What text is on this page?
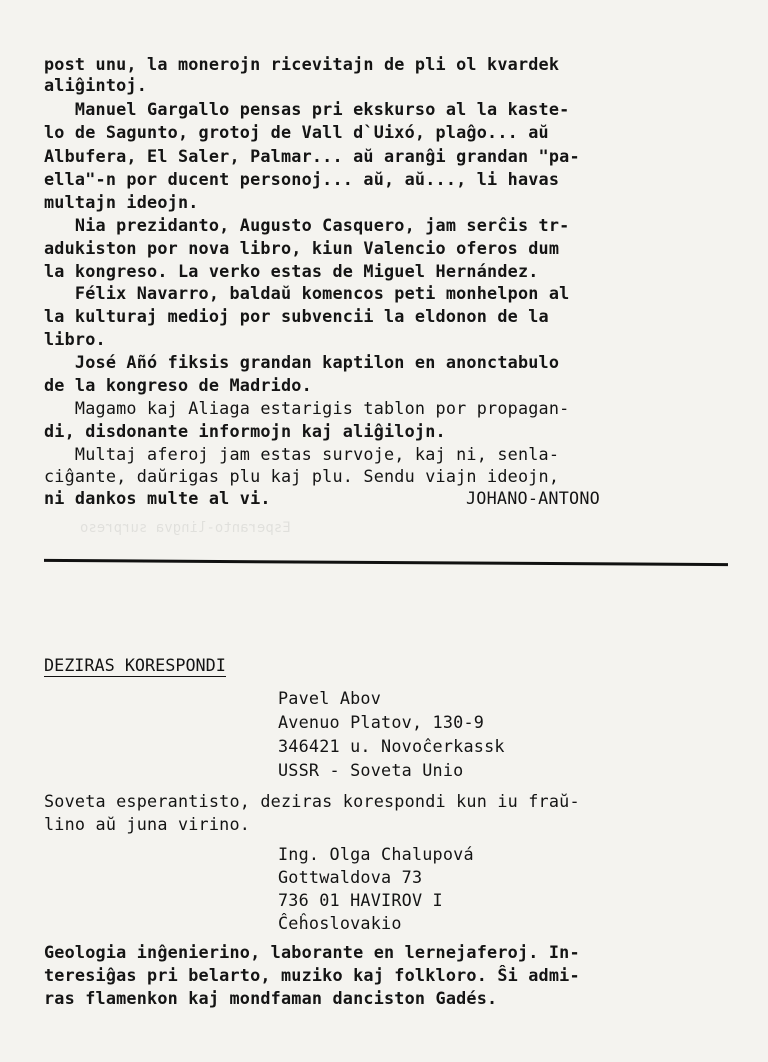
Esperanto-lingva surpreso
post unu, la monerojn ricevitajn de pli ol kvardek
aliĝintoj.
Manuel Gargallo pensas pri ekskurso al la kaste-
lo de Sagunto, grotoj de Vall d`Uixó, plaĝo... aŭ
Albufera, El Saler, Palmar... aŭ aranĝi grandan "pa-
ella"-n por ducent personoj... aŭ, aŭ..., li havas
multajn ideojn.
Nia prezidanto, Augusto Casquero, jam serĉis tr-
adukiston por nova libro, kiun Valencio oferos dum
la kongreso. La verko estas de Miguel Hernández.
Félix Navarro, baldaŭ komencos peti monhelpon al
la kulturaj medioj por subvencii la eldonon de la
libro.
José Añó fiksis grandan kaptilon en anonctabulo
de la kongreso de Madrido.
Magamo kaj Aliaga estarigis tablon por propagan-
di, disdonante informojn kaj aliĝilojn.
Multaj aferoj jam estas survoje, kaj ni, senla-
ciĝante, daŭrigas plu kaj plu. Sendu viajn ideojn,
ni dankos multe al vi.	JOHANO-ANTONO
DEZIRAS KORESPONDI
Pavel Abov
Avenuo Platov, 130-9
346421 u. Novoĉerkassk
USSR - Soveta Unio
Soveta esperantisto, deziras korespondi kun iu fraŭ-
lino aŭ juna virino.
Ing. Olga Chalupová
Gottwaldova 73
736 01 HAVIROV I
Ĉeĥoslovakio
Geologia inĝenierino, laborante en lernejaferoj. In-
teresiĝas pri belarto, muziko kaj folkloro. Ŝi admi-
ras flamenkon kaj mondfaman danciston Gadés.
